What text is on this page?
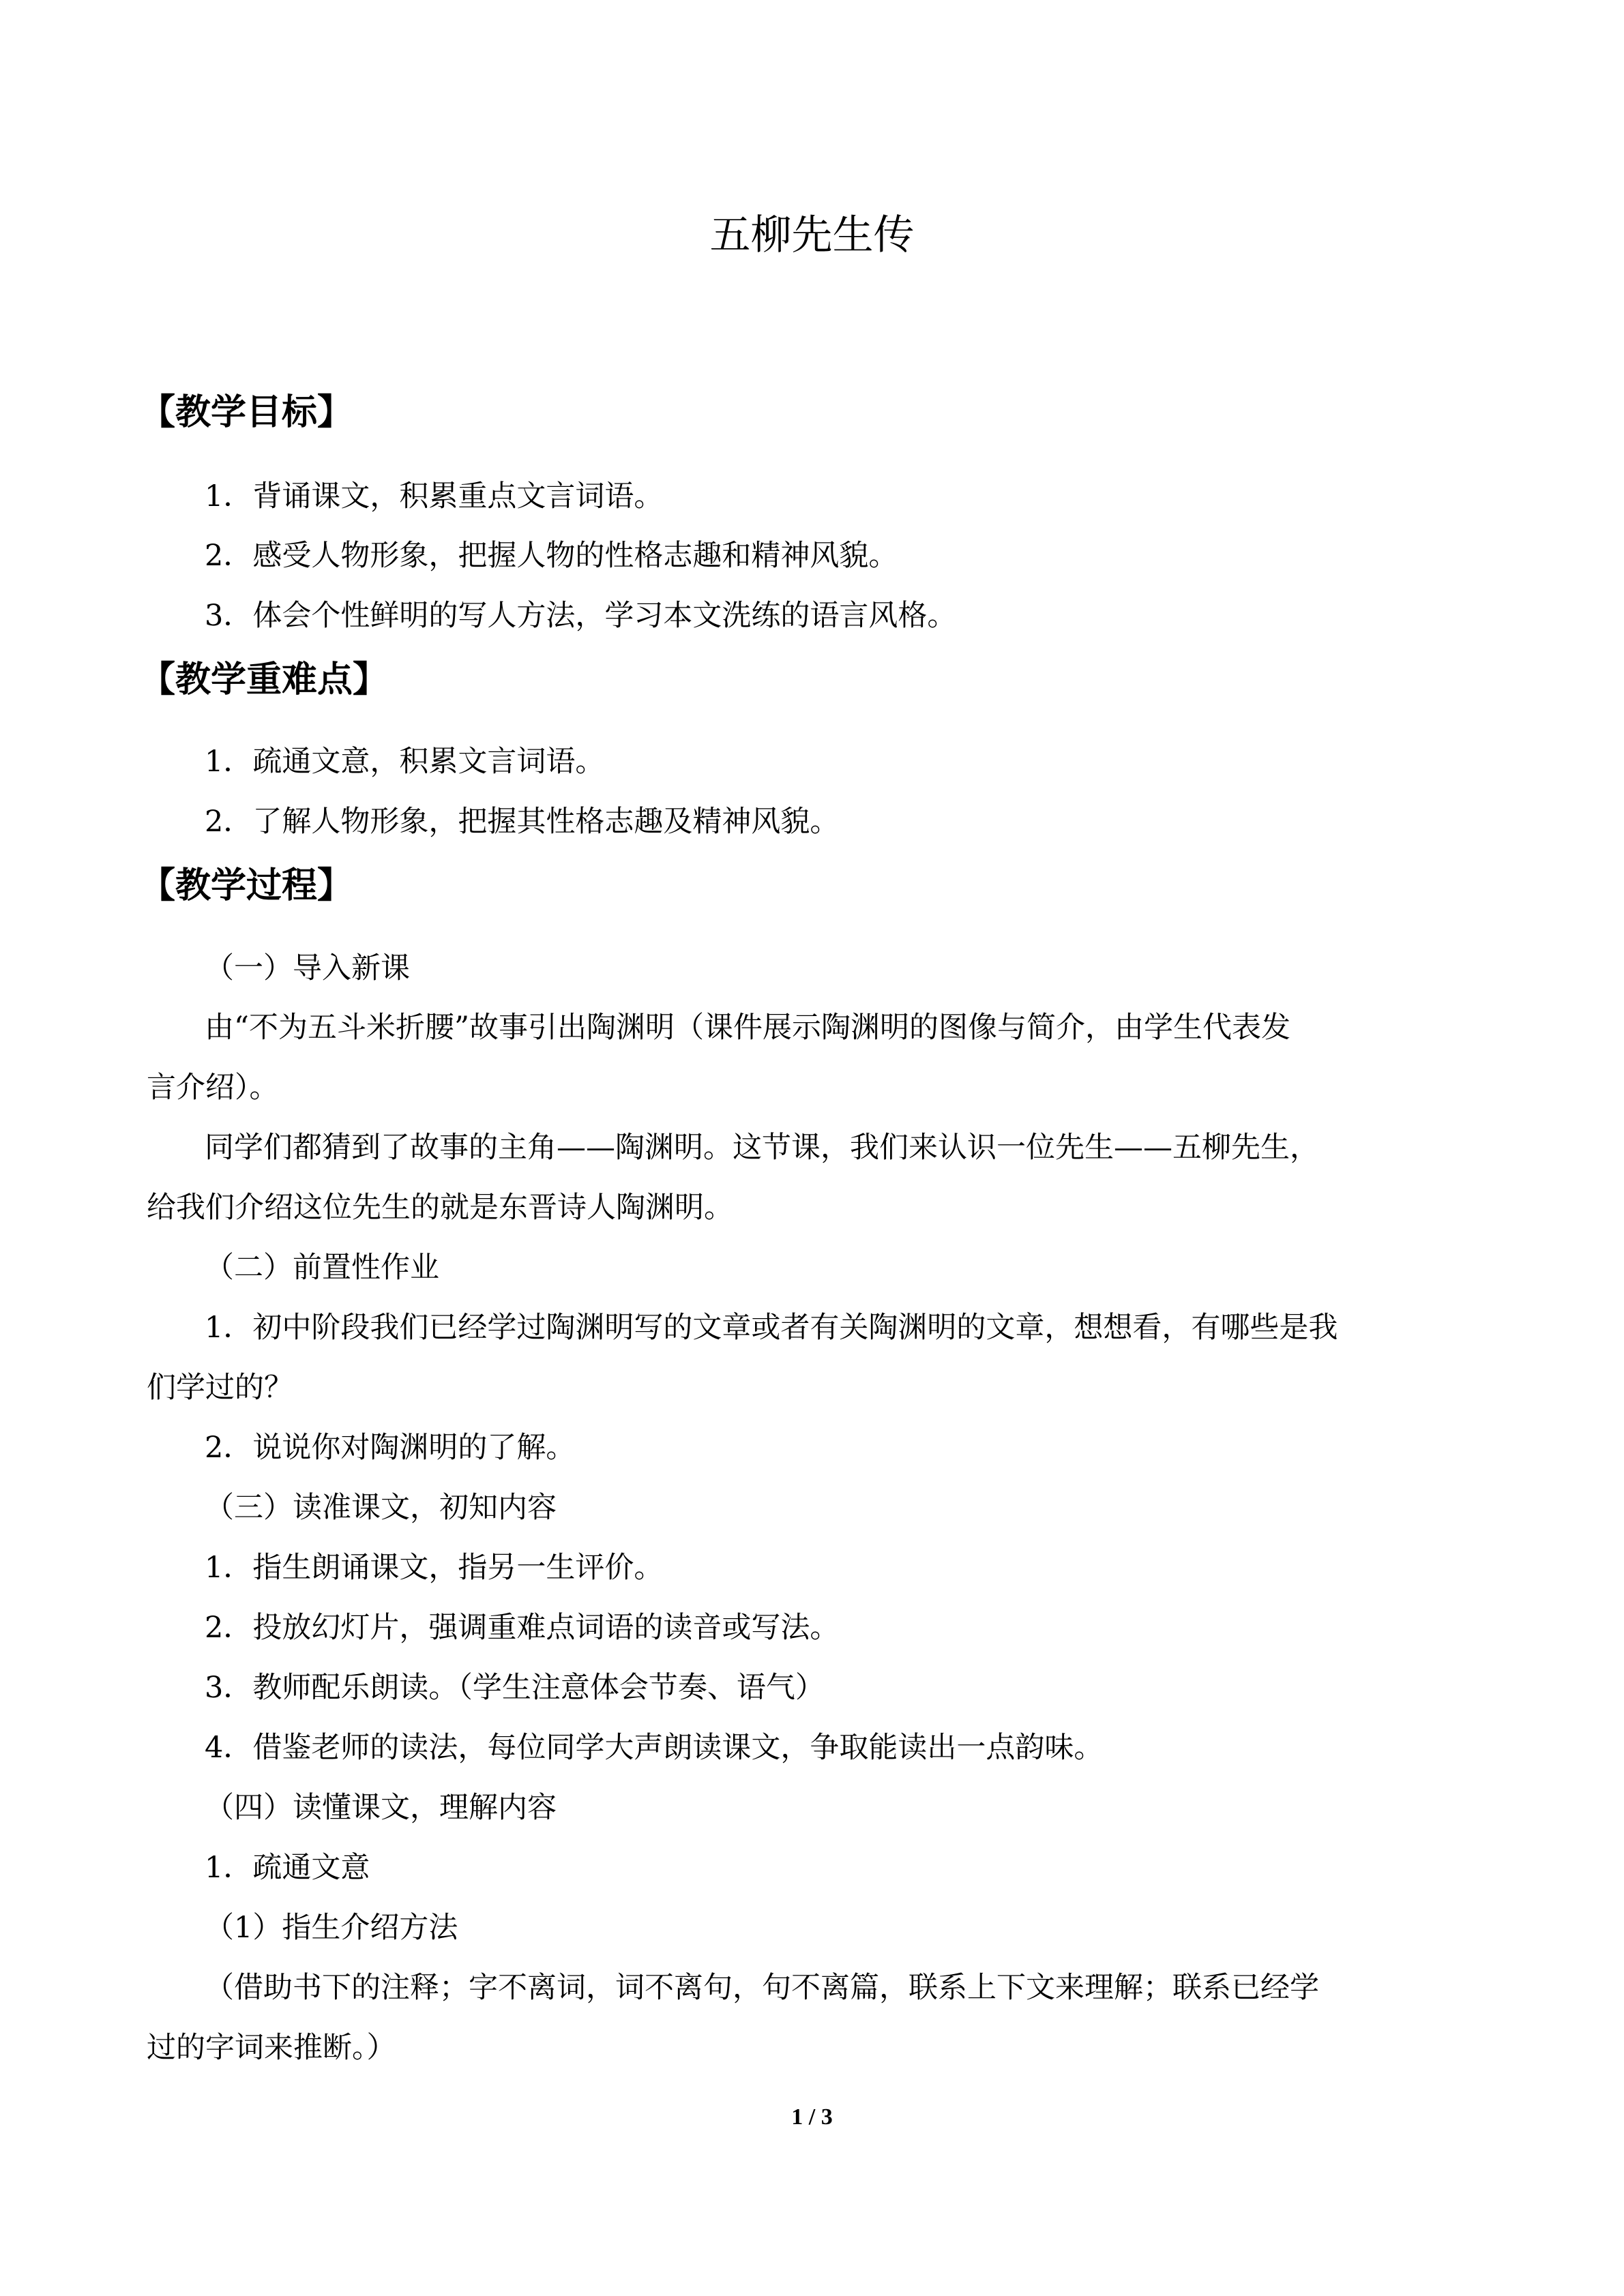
五柳先生传
【教学目标】
1．背诵课文，积累重点文言词语。
2．感受人物形象，把握人物的性格志趣和精神风貌。
3．体会个性鲜明的写人方法，学习本文洗练的语言风格。
【教学重难点】
1．疏通文意，积累文言词语。
2．了解人物形象，把握其性格志趣及精神风貌。
【教学过程】
（一）导入新课
由“不为五斗米折腰”故事引出陶渊明（课件展示陶渊明的图像与简介，由学生代表发
言介绍）。
同学们都猜到了故事的主角——陶渊明。这节课，我们来认识一位先生——五柳先生，
给我们介绍这位先生的就是东晋诗人陶渊明。
（二）前置性作业
1．初中阶段我们已经学过陶渊明写的文章或者有关陶渊明的文章，想想看，有哪些是我
们学过的？
2．说说你对陶渊明的了解。
（三）读准课文，初知内容
1．指生朗诵课文，指另一生评价。
2．投放幻灯片，强调重难点词语的读音或写法。
3．教师配乐朗读。（学生注意体会节奏、语气）
4．借鉴老师的读法，每位同学大声朗读课文，争取能读出一点韵味。
（四）读懂课文，理解内容
1．疏通文意
（1）指生介绍方法
（借助书下的注释；字不离词，词不离句，句不离篇，联系上下文来理解；联系已经学
过的字词来推断。）
1 / 3
